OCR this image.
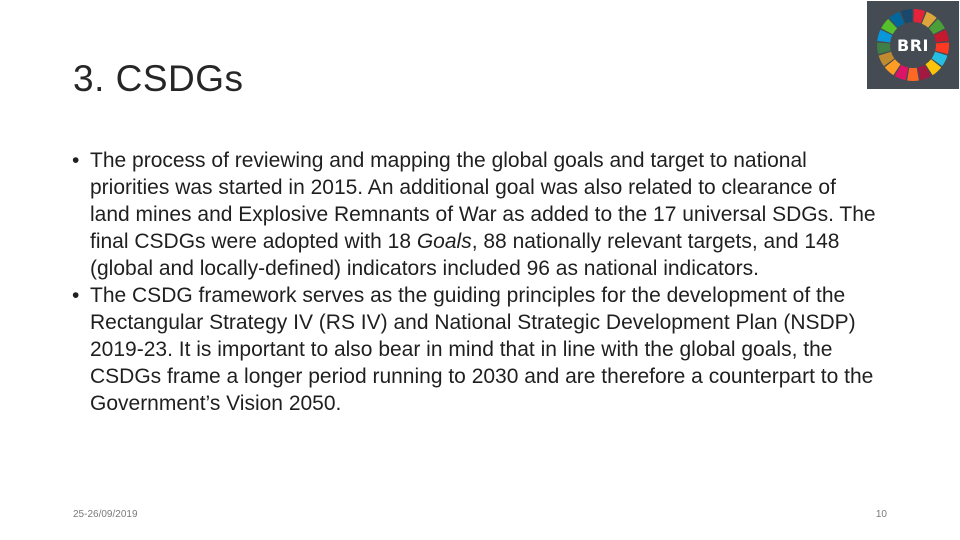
3. CSDGs
BRI
• The process of reviewing and mapping the global goals and target to national priorities was started in 2015. An additional goal was also related to clearance of land mines and Explosive Remnants of War as added to the 17 universal SDGs. The final CSDGs were adopted with 18 Goals, 88 nationally relevant targets, and 148 (global and locally-defined) indicators included 96 as national indicators.
• The CSDG framework serves as the guiding principles for the development of the Rectangular Strategy IV (RS IV) and National Strategic Development Plan (NSDP) 2019-23. It is important to also bear in mind that in line with the global goals, the CSDGs frame a longer period running to 2030 and are therefore a counterpart to the Government’s Vision 2050.
25-26/09/2019	10
